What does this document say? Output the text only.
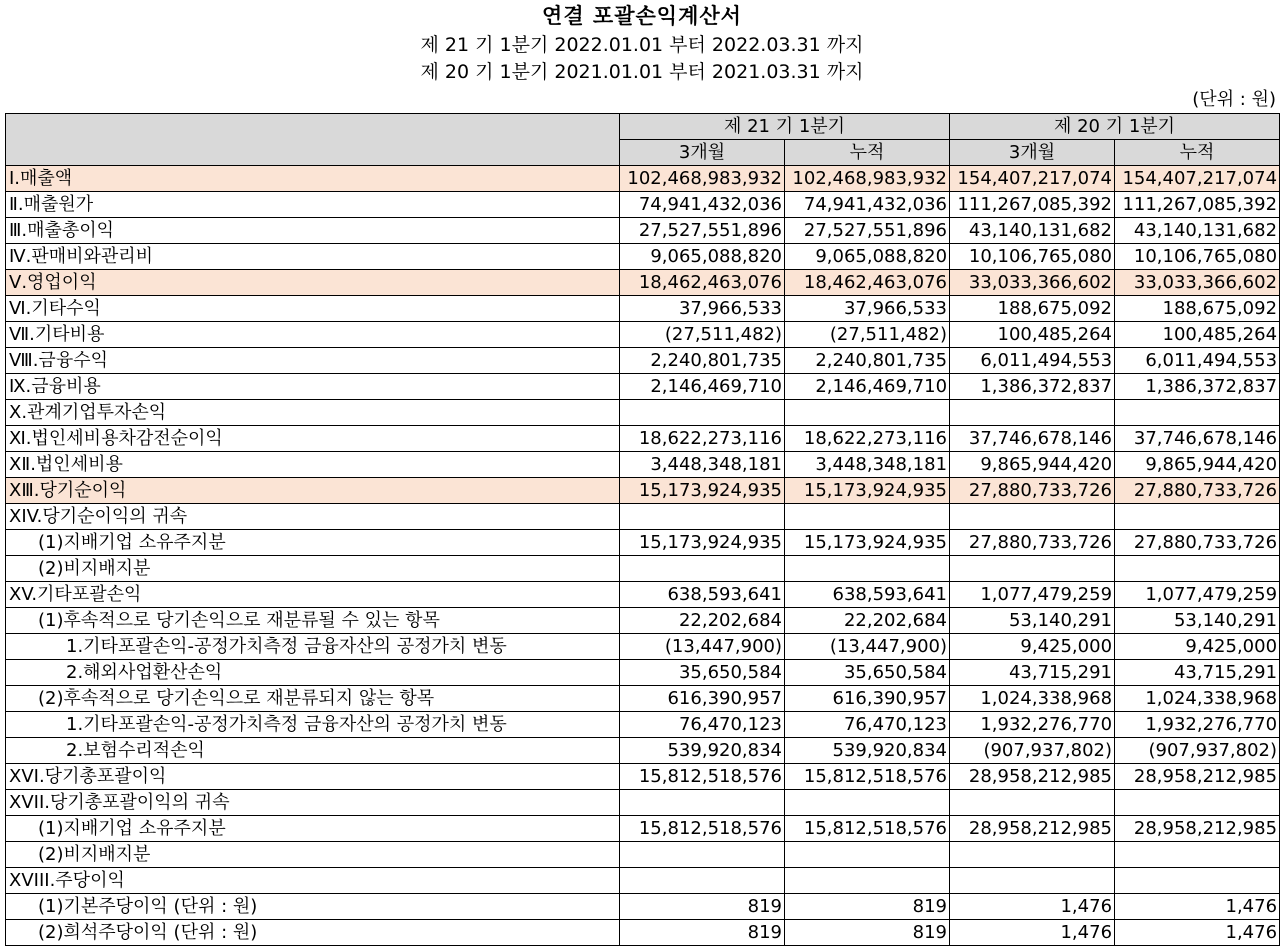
연결 포괄손익계산서
제 21 기 1분기 2022.01.01 부터 2022.03.31 까지
제 20 기 1분기 2021.01.01 부터 2021.03.31 까지
(단위 : 원)
	제 21 기 1분기		제 20 기 1분기	
	3개월	누적	3개월	누적
Ⅰ.매출액	102,468,983,932	102,468,983,932	154,407,217,074	154,407,217,074
Ⅱ.매출원가	74,941,432,036	74,941,432,036	111,267,085,392	111,267,085,392
Ⅲ.매출총이익	27,527,551,896	27,527,551,896	43,140,131,682	43,140,131,682
Ⅳ.판매비와관리비	9,065,088,820	9,065,088,820	10,106,765,080	10,106,765,080
Ⅴ.영업이익	18,462,463,076	18,462,463,076	33,033,366,602	33,033,366,602
Ⅵ.기타수익	37,966,533	37,966,533	188,675,092	188,675,092
Ⅶ.기타비용	(27,511,482)	(27,511,482)	100,485,264	100,485,264
Ⅷ.금융수익	2,240,801,735	2,240,801,735	6,011,494,553	6,011,494,553
Ⅸ.금융비용	2,146,469,710	2,146,469,710	1,386,372,837	1,386,372,837
Ⅹ.관계기업투자손익				
Ⅺ.법인세비용차감전순이익	18,622,273,116	18,622,273,116	37,746,678,146	37,746,678,146
ⅩⅡ.법인세비용	3,448,348,181	3,448,348,181	9,865,944,420	9,865,944,420
ⅩⅢ.당기순이익	15,173,924,935	15,173,924,935	27,880,733,726	27,880,733,726
XIV.당기순이익의 귀속				
(1)지배기업 소유주지분	15,173,924,935	15,173,924,935	27,880,733,726	27,880,733,726
(2)비지배지분				
XV.기타포괄손익	638,593,641	638,593,641	1,077,479,259	1,077,479,259
(1)후속적으로 당기손익으로 재분류될 수 있는 항목	22,202,684	22,202,684	53,140,291	53,140,291
1.기타포괄손익-공정가치측정 금융자산의 공정가치 변동	(13,447,900)	(13,447,900)	9,425,000	9,425,000
2.해외사업환산손익	35,650,584	35,650,584	43,715,291	43,715,291
(2)후속적으로 당기손익으로 재분류되지 않는 항목	616,390,957	616,390,957	1,024,338,968	1,024,338,968
1.기타포괄손익-공정가치측정 금융자산의 공정가치 변동	76,470,123	76,470,123	1,932,276,770	1,932,276,770
2.보험수리적손익	539,920,834	539,920,834	(907,937,802)	(907,937,802)
XVI.당기총포괄이익	15,812,518,576	15,812,518,576	28,958,212,985	28,958,212,985
XVII.당기총포괄이익의 귀속				
(1)지배기업 소유주지분	15,812,518,576	15,812,518,576	28,958,212,985	28,958,212,985
(2)비지배지분				
XVIII.주당이익				
(1)기본주당이익 (단위 : 원)	819	819	1,476	1,476
(2)희석주당이익 (단위 : 원)	819	819	1,476	1,476
